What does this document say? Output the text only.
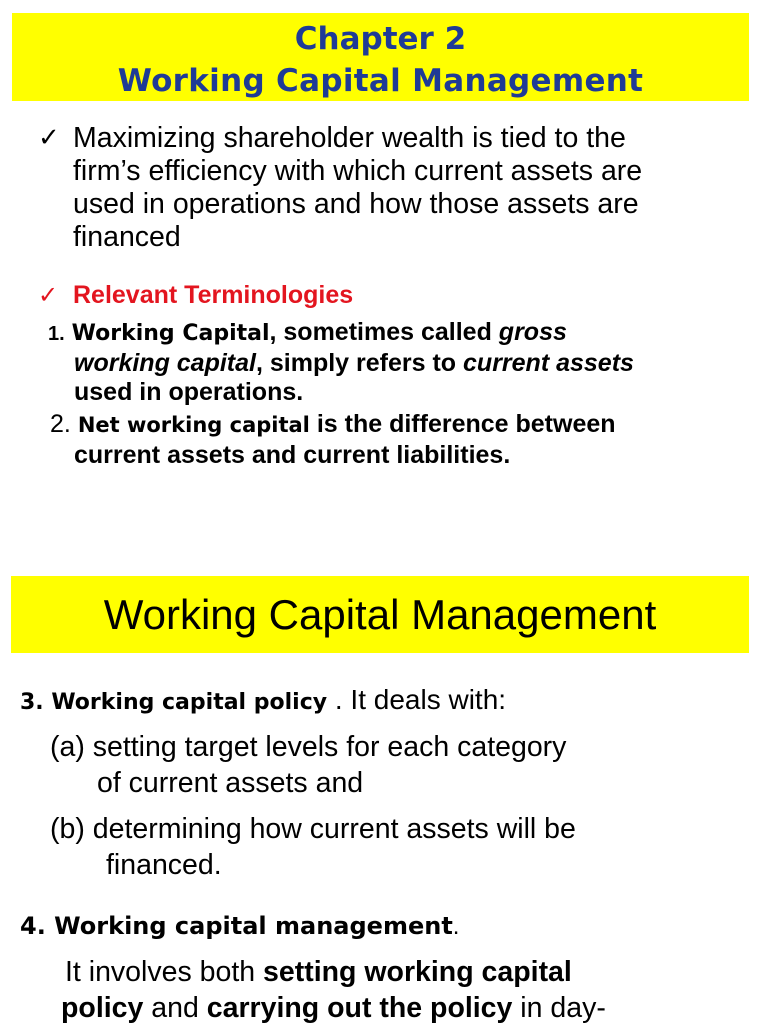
Chapter 2
Working Capital Management
✓ Maximizing shareholder wealth is tied to the
firm’s efficiency with which current assets are
used in operations and how those assets are
financed
✓ Relevant Terminologies
1. Working Capital, sometimes called gross
working capital, simply refers to current assets
used in operations.
2. Net working capital is the difference between
current assets and current liabilities.
Working Capital Management
3. Working capital policy . It deals with:
(a) setting target levels for each category
of current assets and
(b) determining how current assets will be
financed.
4. Working capital management.
It involves both setting working capital
policy and carrying out the policy in day-
